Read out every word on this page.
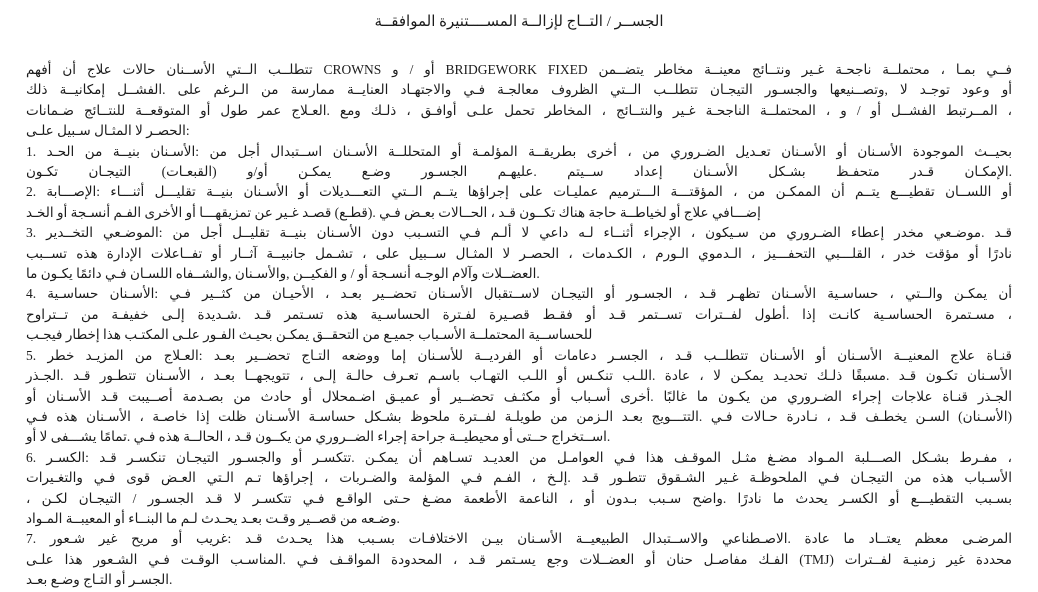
الجســر / التــاج لإزالــة المســــتنيرة الموافقــة
فــي بمـا ، محتملــة ناجحـة غـير ونتــائج معينــة مخاطر يتضــمن BRIDGEWORK FIXED أو / و CROWNS تتطلــب الــتي الأســنان حالات علاج أن أفهم
أو وعود توجـد لا ,وتصــنيعها والجسـور التيجـان تتطلــب الــتي الظروف معالجـة فـي والاجتهـاد العنايــة ممارسة من الـرغم على .الفشــل إمكانيــة ذلك
، المــرتبط الفشــل أو / و ، المحتملــة الناجحـة غـير والنتــائج ، المخاطر تحمل علـى أوافـق ، ذلـك ومع .العـلاج عمر طول أو المتوقعــة للنتــائج ضـمانات
:الحصـر لا المثـال سـبيل علـى
بحيــث الموجودة الأسـنان أو الأسـنان تعـديل الضـروري من ، أخرى بطريقــة المؤلمـة أو المتحللــة الأسـنان اســتبدال أجل من :الأسـنان بنيــة من الحـد .1
.الإمكـان قـدر متحفـظ بشـكل الأسـنان إعداد ســيتم .عليهـم الجسـور وضـع يمكـن أو/و (القبعـات) التيجـان تكـون
أو اللســان تقطيـــع يتــم أن الممكـن من ، المؤقتـــة الـــترميم عمليـات على إجراؤها يتــم الــتي التعـــديلات أو الأسـنان بنيــة تقليـــل أثنـــاء :الإصـــابة .2
إضـــافي علاج أو لخياطــة حاجة هناك تكــون قـد ، الحــالات بعـض فـي .(قطـع) قصـد غـير عن تمزيقهـــا أو الأخرى الفـم أنسـجة أو الخـد
قـد .موضـعي مخدر إعطاء الضـروري من سـيكون ، الإجراء أثنــاء لـه داعي لا ألـم فـي التسـبب دون الأسـنان بنيــة تقليــل أجل من :الموضـعي التخــدير .3
نادرًا أو مؤقت خدر ، القلـــبي التحفـــيز ، الـدموي الـورم ، الكـدمات ، الحصـر لا المثـال ســبيل على ، تشـمل جانبيــة آثــار أو تفــاعلات الإدارة هذه تســبب
.العضــلات وآلام الوجـه أنسـجة أو / و الفكيــن ,والأسـنان ,والشــفاه اللسـان فـي دائمًا يكـون ما
أن يمكـن والــتي ، حساسـية الأسـنان تظهـر قـد ، الجسـور أو التيجـان لاســتقبال الأسـنان تحضــير بعـد ، الأحيـان من كثــير فـي :الأسـنان حساسـية .4
، مسـتمرة الحساسـية كانـت إذا .أطول لفــترات تســتمر قـد أو فقـط قصـيرة لفـترة الحساسـية هذه تسـتمر قـد .شـديدة إلـى خفيفـة من تــتراوح
للحساســية المحتملــة الأسـباب جميـع من التحقــق يمكـن بحيـث الفـور علـى المكتـب هذا إخطار فيجـب
قنـاة علاج المعنيــة الأسـنان أو الأسـنان تتطلــب قـد ، الجسـر دعامات أو الفرديــة للأسـنان إما ووضعه التـاج تحضــير بعـد :العـلاج من المزيـد خطر .5
الأسـنان تكـون قـد .مسبقًا ذلـك تحديـد يمكـن لا ، عادة .اللـب تنكـس أو اللـب التهـاب باسـم تعـرف حالـة إلـى ، تتويجهــا بعـد ، الأسـنان تتطـور قـد .الجـذر
الجـذر قنـاة علاجات إجراء الضـروري من يكـون ما غالبًا .أخرى أسـباب أو مكثـف تحضــير أو عميـق اضـمحلال أو حادث من بصـدمة أصــيبت قـد الأسـنان أو
(الأسـنان) السـن يخطـف قـد ، نـادرة حـالات فـي .التتـــويج بعـد الـزمن من طويلـة لفــترة ملحوظ بشـكل حساسـة الأسـنان ظلت إذا خاصـة ، الأسـنان هذه فـي
.اســتخراج حــتى أو محيطيــة جراحة إجراء الضــروري من يكــون قـد ، الحالــة هذه فـي .تمامًا يشـــفى لا أو
، مفـرط بشـكل الصـــلبة المـواد مضـغ مثـل الموقـف هذا فـي العوامـل من العديـد تسـاهم أن يمكـن .تتكسـر أو والجسـور التيجـان تنكسـر قـد :الكسـر .6
الأسـباب هذه من التيجـان فـي الملحوظـة غـير الشـقوق تتطـور قـد .إلـخ ، الفـم فـي المؤلمة والضـربات ، إجراؤها تـم الـتي العـض قوى فـي والتغـيرات
بسـبب التقطيـــع أو الكسـر يحدث ما نادرًا .واضح سـبب بـدون أو ، الناعمة الأطعمة مضـغ حـتى الواقـع فـي تتكسـر لا قـد الجسـور / التيجـان لكـن ،
.وضـعه من قصــير وقـت بعـد يحـدث لـم ما البنــاء أو المعيبــة المـواد
المرضـى معظم يعتــاد ما عادة .الاصـطناعي والاســتبدال الطبيعيــة الأسـنان بيـن الاختلافـات بسـبب هذا يحـدث قـد :غريب أو مريح غير شـعور .7
محددة غير زمنيـة لفــترات (TMJ) الفـك مفاصـل حنان أو العضــلات وجع يسـتمر قـد ، المحدودة المواقـف فـي .المناسـب الوقـت فـي الشـعور هذا علـى
.الجسـر أو التـاج وضـع بعـد
